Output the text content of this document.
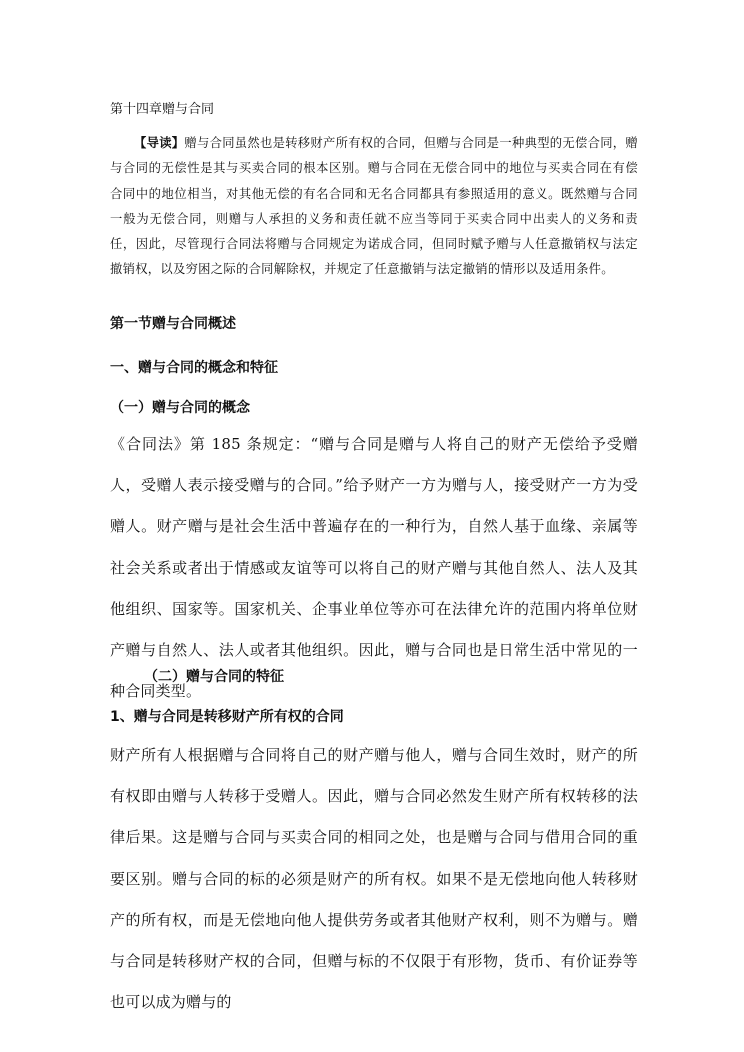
第十四章赠与合同

【导读】赠与合同虽然也是转移财产所有权的合同，但赠与合同是一种典型的无偿合同，赠与合同的无偿性是其与买卖合同的根本区别。赠与合同在无偿合同中的地位与买卖合同在有偿合同中的地位相当，对其他无偿的有名合同和无名合同都具有参照适用的意义。既然赠与合同一般为无偿合同，则赠与人承担的义务和责任就不应当等同于买卖合同中出卖人的义务和责任，因此，尽管现行合同法将赠与合同规定为诺成合同，但同时赋予赠与人任意撤销权与法定撤销权，以及穷困之际的合同解除权，并规定了任意撤销与法定撤销的情形以及适用条件。

第一节赠与合同概述
一、赠与合同的概念和特征
（一）赠与合同的概念

《合同法》第 185 条规定：“赠与合同是赠与人将自己的财产无偿给予受赠人，受赠人表示接受赠与的合同。”给予财产一方为赠与人，接受财产一方为受赠人。财产赠与是社会生活中普遍存在的一种行为，自然人基于血缘、亲属等社会关系或者出于情感或友谊等可以将自己的财产赠与其他自然人、法人及其他组织、国家等。国家机关、企事业单位等亦可在法律允许的范围内将单位财产赠与自然人、法人或者其他组织。因此，赠与合同也是日常生活中常见的一种合同类型。

（二）赠与合同的特征
1、赠与合同是转移财产所有权的合同

财产所有人根据赠与合同将自己的财产赠与他人，赠与合同生效时，财产的所有权即由赠与人转移于受赠人。因此，赠与合同必然发生财产所有权转移的法律后果。这是赠与合同与买卖合同的相同之处，也是赠与合同与借用合同的重要区别。赠与合同的标的必须是财产的所有权。如果不是无偿地向他人转移财产的所有权，而是无偿地向他人提供劳务或者其他财产权利，则不为赠与。赠与合同是转移财产权的合同，但赠与标的不仅限于有形物，货币、有价证券等也可以成为赠与的
